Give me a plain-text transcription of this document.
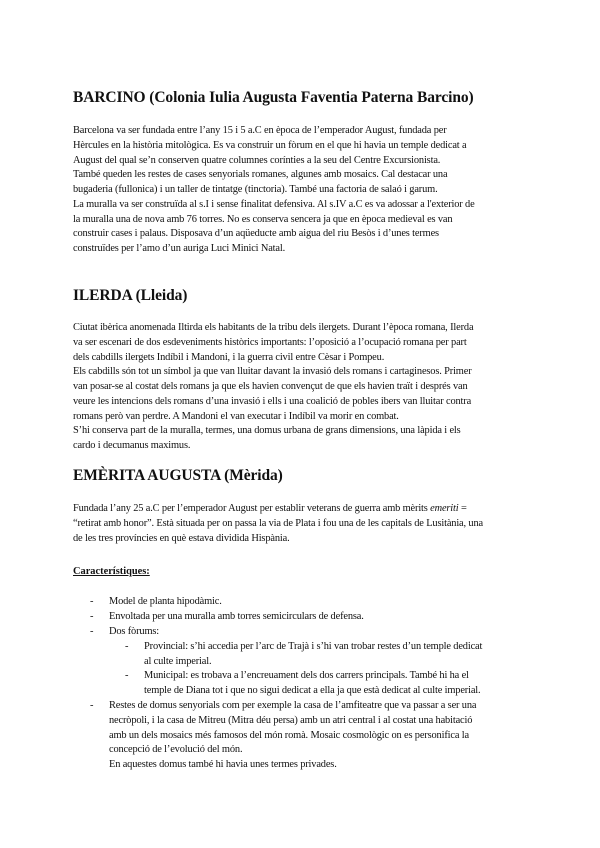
BARCINO (Colonia Iulia Augusta Faventia Paterna Barcino)
Barcelona va ser fundada entre l’any 15 i 5 a.C en època de l’emperador August, fundada per
Hèrcules en la història mitològica. Es va construir un fòrum en el que hi havia un temple dedicat a
August del qual se’n conserven quatre columnes corínties a la seu del Centre Excursionista.
També queden les restes de cases senyorials romanes, algunes amb mosaics. Cal destacar una
bugaderia (fullonica) i un taller de tintatge (tinctoria). També una factoria de salaó i garum.
La muralla va ser construïda al s.I i sense finalitat defensiva. Al s.IV a.C es va adossar a l'exterior de
la muralla una de nova amb 76 torres. No es conserva sencera ja que en època medieval es van
construir cases i palaus. Disposava d’un aqüeducte amb aigua del riu Besòs i d’unes termes
construïdes per l’amo d’un auriga Luci Minici Natal.
ILERDA (Lleida)
Ciutat ibèrica anomenada Iltirda els habitants de la tribu dels ilergets. Durant l’època romana, Ilerda
va ser escenari de dos esdeveniments històrics importants: l’oposició a l’ocupació romana per part
dels cabdills ilergets Indíbil i Mandoni, i la guerra civil entre Cèsar i Pompeu.
Els cabdills són tot un símbol ja que van lluitar davant la invasió dels romans i cartaginesos. Primer
van posar-se al costat dels romans ja que els havien convençut de que els havien traït i després van
veure les intencions dels romans d’una invasió i ells i una coalició de pobles ibers van lluitar contra
romans però van perdre. A Mandoni el van executar i Indíbil va morir en combat.
S’hi conserva part de la muralla, termes, una domus urbana de grans dimensions, una làpida i els
cardo i decumanus maximus.
EMÈRITA AUGUSTA (Mèrida)
Fundada l’any 25 a.C per l’emperador August per establir veterans de guerra amb mèrits emeriti =
“retirat amb honor”. Està situada per on passa la via de Plata i fou una de les capitals de Lusitània, una
de les tres províncies en què estava dividida Hispània.
Característiques:
- Model de planta hipodàmic.
- Envoltada per una muralla amb torres semicirculars de defensa.
- Dos fòrums:
- Provincial: s’hi accedia per l’arc de Trajà i s’hi van trobar restes d’un temple dedicat
al culte imperial.
- Municipal: es trobava a l’encreuament dels dos carrers principals. També hi ha el
temple de Diana tot i que no sigui dedicat a ella ja que està dedicat al culte imperial.
- Restes de domus senyorials com per exemple la casa de l’amfiteatre que va passar a ser una
necròpoli, i la casa de Mitreu (Mitra déu persa) amb un atri central i al costat una habitació
amb un dels mosaics més famosos del món romà. Mosaic cosmològic on es personifica la
concepció de l’evolució del món.
En aquestes domus també hi havia unes termes privades.
